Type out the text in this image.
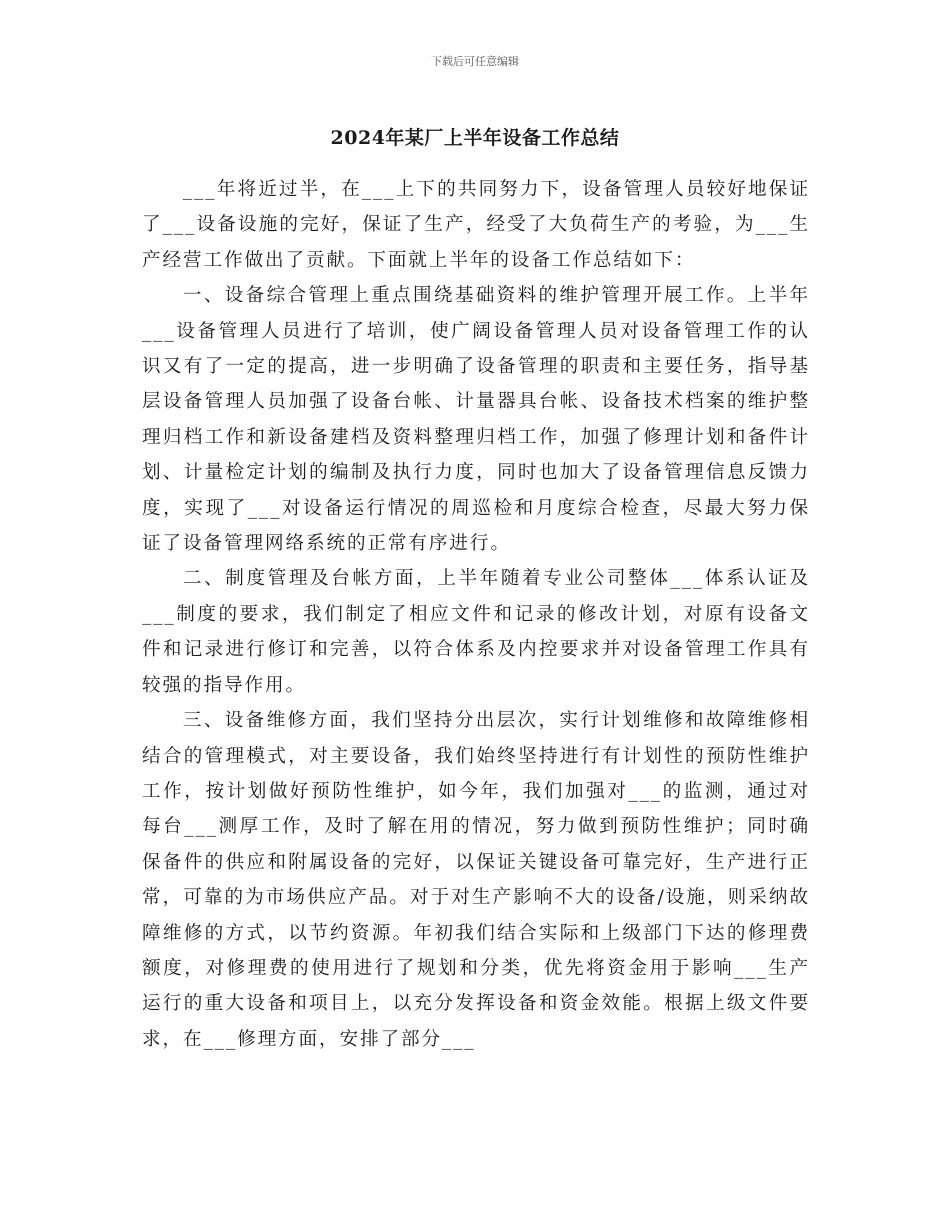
下载后可任意编辑
2024年某厂上半年设备工作总结

___年将近过半，在___上下的共同努力下，设备管理人员较好地保证了___设备设施的完好，保证了生产，经受了大负荷生产的考验，为___生产经营工作做出了贡献。下面就上半年的设备工作总结如下：

一、设备综合管理上重点围绕基础资料的维护管理开展工作。上半年___设备管理人员进行了培训，使广阔设备管理人员对设备管理工作的认识又有了一定的提高，进一步明确了设备管理的职责和主要任务，指导基层设备管理人员加强了设备台帐、计量器具台帐、设备技术档案的维护整理归档工作和新设备建档及资料整理归档工作，加强了修理计划和备件计划、计量检定计划的编制及执行力度，同时也加大了设备管理信息反馈力度，实现了___对设备运行情况的周巡检和月度综合检查，尽最大努力保证了设备管理网络系统的正常有序进行。

二、制度管理及台帐方面，上半年随着专业公司整体___体系认证及___制度的要求，我们制定了相应文件和记录的修改计划，对原有设备文件和记录进行修订和完善，以符合体系及内控要求并对设备管理工作具有较强的指导作用。

三、设备维修方面，我们坚持分出层次，实行计划维修和故障维修相结合的管理模式，对主要设备，我们始终坚持进行有计划性的预防性维护工作，按计划做好预防性维护，如今年，我们加强对___的监测，通过对每台___测厚工作，及时了解在用的情况，努力做到预防性维护；同时确保备件的供应和附属设备的完好，以保证关键设备可靠完好，生产进行正常，可靠的为市场供应产品。对于对生产影响不大的设备/设施，则采纳故障维修的方式，以节约资源。年初我们结合实际和上级部门下达的修理费额度，对修理费的使用进行了规划和分类，优先将资金用于影响___生产运行的重大设备和项目上，以充分发挥设备和资金效能。根据上级文件要求，在___修理方面，安排了部分___
